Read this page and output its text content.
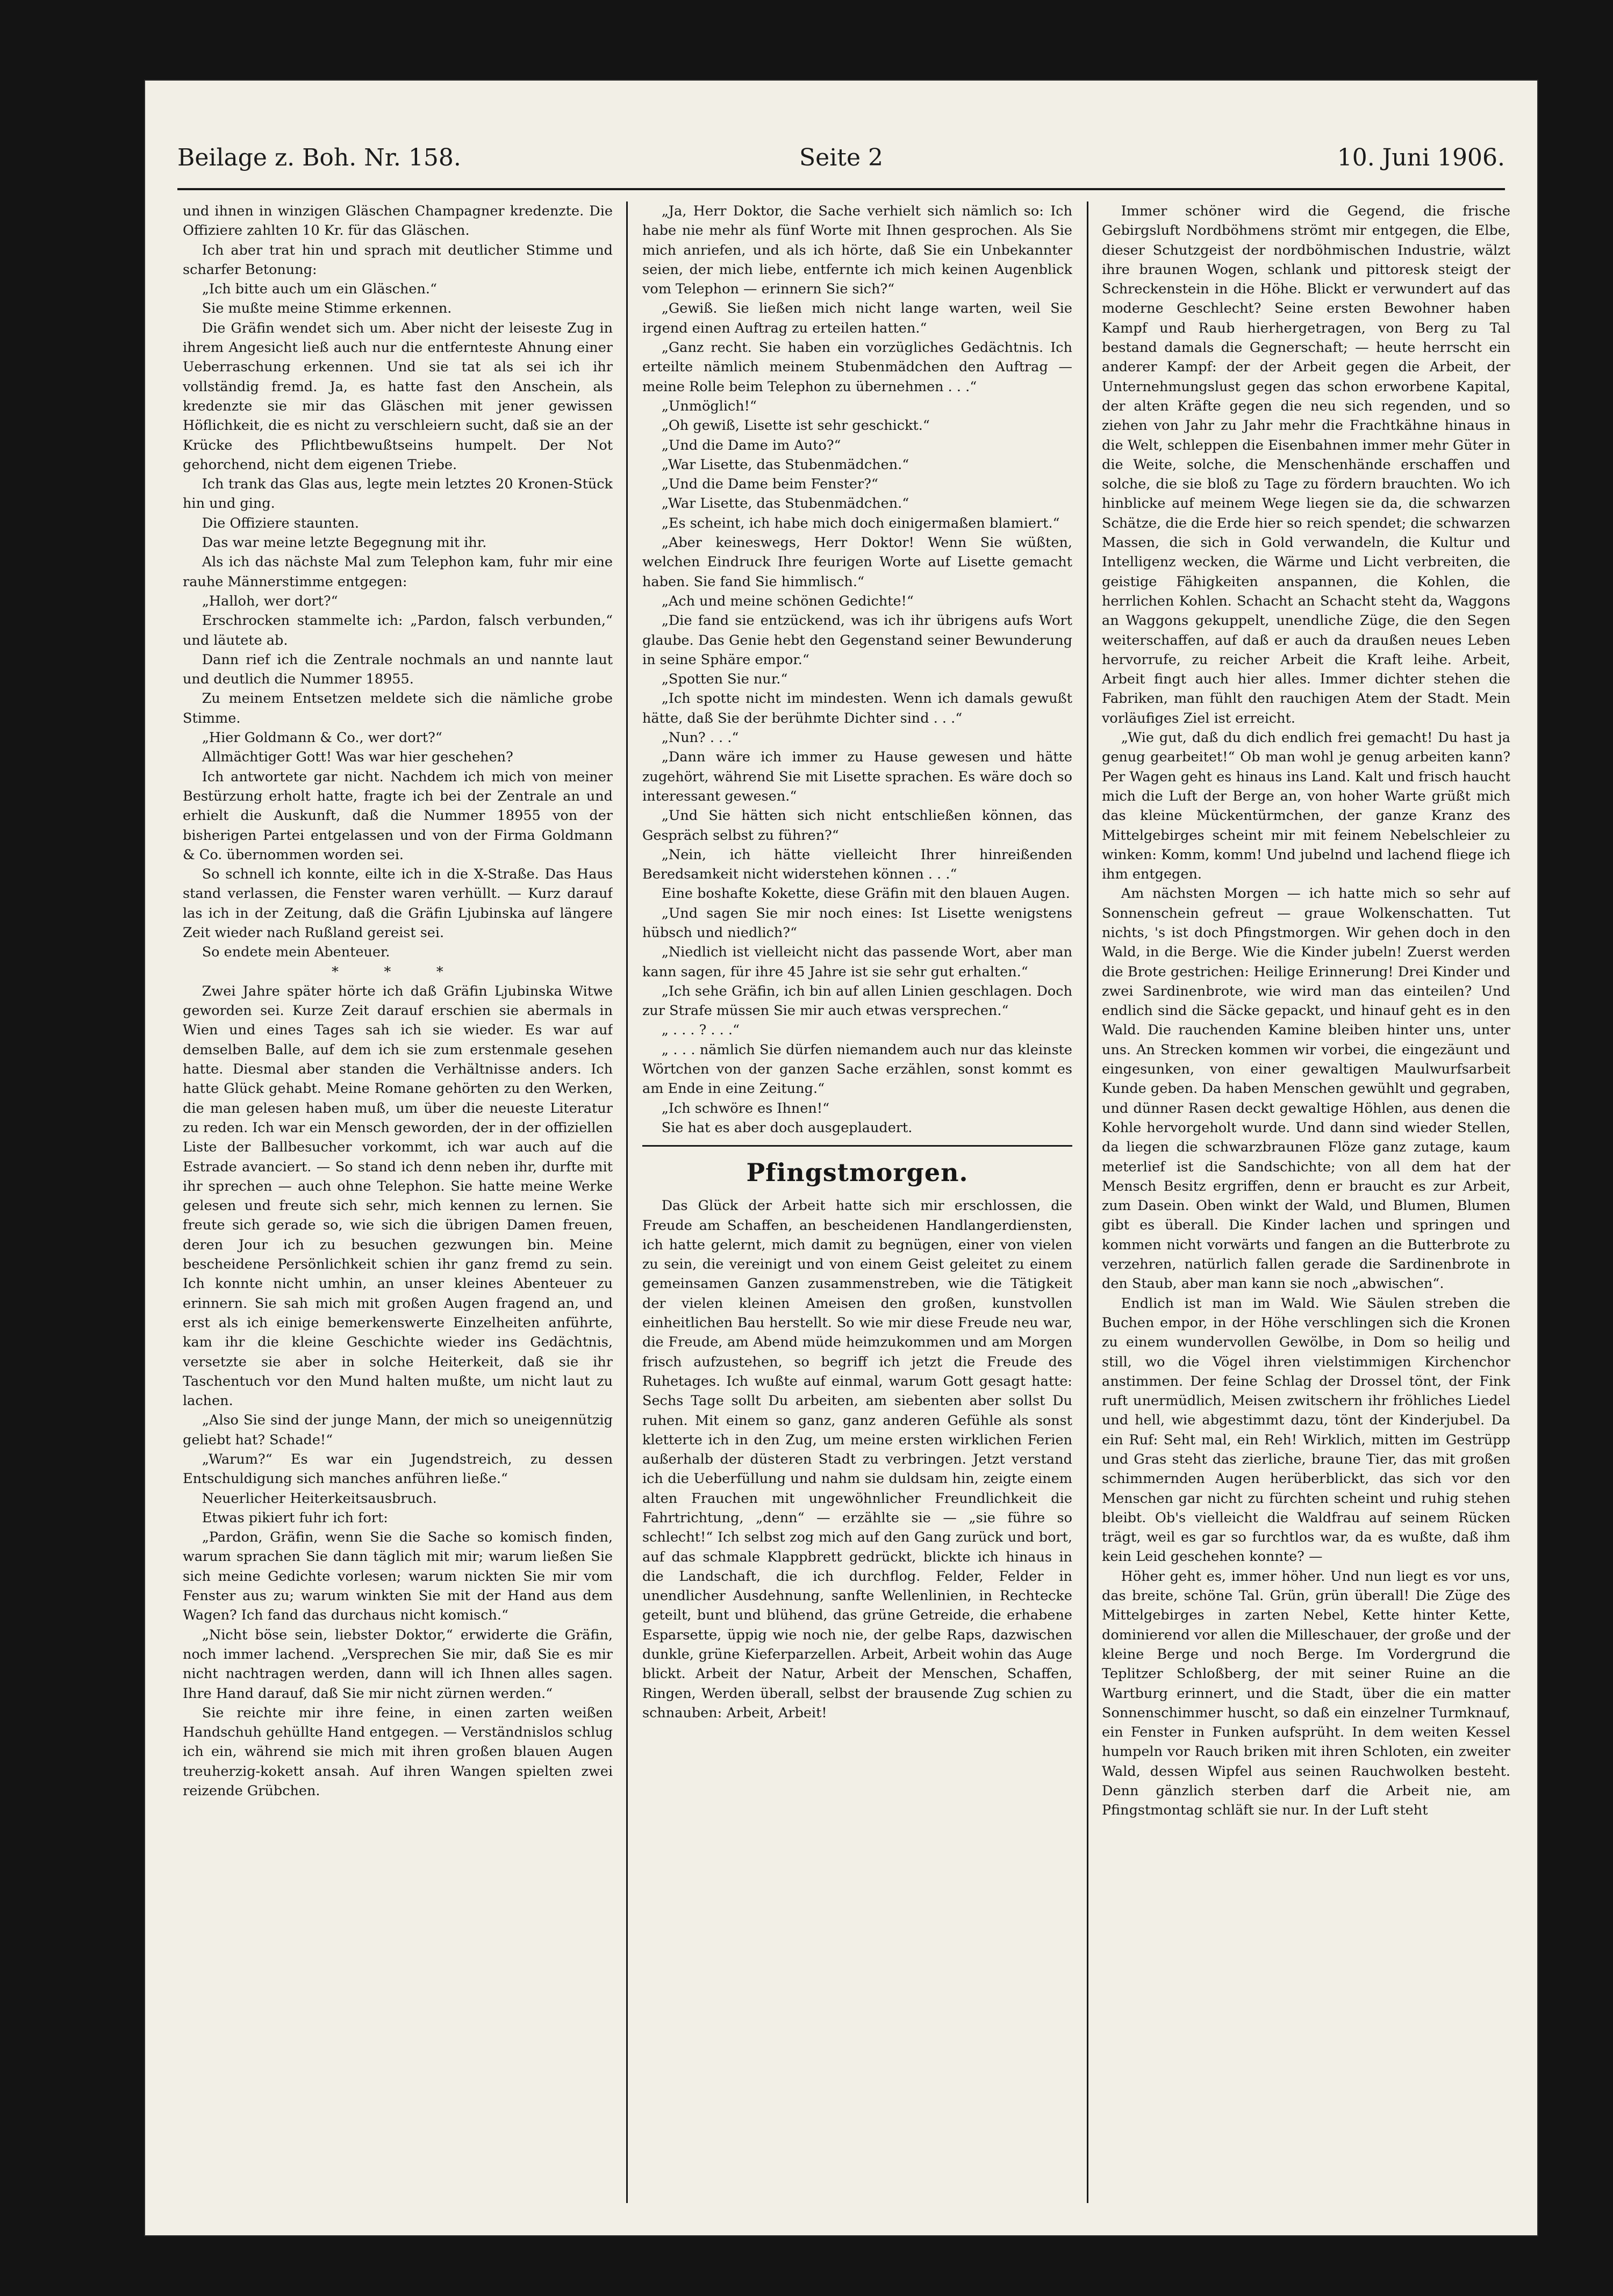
Beilage z. Boh. Nr. 158.	Seite 2	10. Juni 1906.

und ihnen in winzigen Gläschen Champagner kredenzte. Die Offiziere zahlten 10 Kr. für das Gläschen.

Ich aber trat hin und sprach mit deutlicher Stimme und scharfer Betonung:

„Ich bitte auch um ein Gläschen.“

Sie mußte meine Stimme erkennen.

Die Gräfin wendet sich um. Aber nicht der leiseste Zug in ihrem Angesicht ließ auch nur die entfernteste Ahnung einer Ueberraschung erkennen. Und sie tat als sei ich ihr vollständig fremd. Ja, es hatte fast den Anschein, als kredenzte sie mir das Gläschen mit jener gewissen Höflichkeit, die es nicht zu verschleiern sucht, daß sie an der Krücke des Pflichtbewußtseins humpelt. Der Not gehorchend, nicht dem eigenen Triebe.

Ich trank das Glas aus, legte mein letztes 20 Kronen-Stück hin und ging.

Die Offiziere staunten.

Das war meine letzte Begegnung mit ihr.

Als ich das nächste Mal zum Telephon kam, fuhr mir eine rauhe Männerstimme entgegen:

„Halloh, wer dort?“

Erschrocken stammelte ich: „Pardon, falsch verbunden,“ und läutete ab.

Dann rief ich die Zentrale nochmals an und nannte laut und deutlich die Nummer 18955.

Zu meinem Entsetzen meldete sich die nämliche grobe Stimme.

„Hier Goldmann & Co., wer dort?“

Allmächtiger Gott! Was war hier geschehen?

Ich antwortete gar nicht. Nachdem ich mich von meiner Bestürzung erholt hatte, fragte ich bei der Zentrale an und erhielt die Auskunft, daß die Nummer 18955 von der bisherigen Partei entgelassen und von der Firma Goldmann & Co. übernommen worden sei.

So schnell ich konnte, eilte ich in die X-Straße. Das Haus stand verlassen, die Fenster waren verhüllt. — Kurz darauf las ich in der Zeitung, daß die Gräfin Ljubinska auf längere Zeit wieder nach Rußland gereist sei.

So endete mein Abenteuer.

* * *

Zwei Jahre später hörte ich daß Gräfin Ljubinska Witwe geworden sei. Kurze Zeit darauf erschien sie abermals in Wien und eines Tages sah ich sie wieder. Es war auf demselben Balle, auf dem ich sie zum erstenmale gesehen hatte. Diesmal aber standen die Verhältnisse anders. Ich hatte Glück gehabt. Meine Romane gehörten zu den Werken, die man gelesen haben muß, um über die neueste Literatur zu reden. Ich war ein Mensch geworden, der in der offiziellen Liste der Ballbesucher vorkommt, ich war auch auf die Estrade avanciert. — So stand ich denn neben ihr, durfte mit ihr sprechen — auch ohne Telephon. Sie hatte meine Werke gelesen und freute sich sehr, mich kennen zu lernen. Sie freute sich gerade so, wie sich die übrigen Damen freuen, deren Jour ich zu besuchen gezwungen bin. Meine bescheidene Persönlichkeit schien ihr ganz fremd zu sein. Ich konnte nicht umhin, an unser kleines Abenteuer zu erinnern. Sie sah mich mit großen Augen fragend an, und erst als ich einige bemerkenswerte Einzelheiten anführte, kam ihr die kleine Geschichte wieder ins Gedächtnis, versetzte sie aber in solche Heiterkeit, daß sie ihr Taschentuch vor den Mund halten mußte, um nicht laut zu lachen.

„Also Sie sind der junge Mann, der mich so uneigennützig geliebt hat? Schade!“

„Warum?“ Es war ein Jugendstreich, zu dessen Entschuldigung sich manches anführen ließe.“

Neuerlicher Heiterkeitsausbruch.

Etwas pikiert fuhr ich fort:

„Pardon, Gräfin, wenn Sie die Sache so komisch finden, warum sprachen Sie dann täglich mit mir; warum ließen Sie sich meine Gedichte vorlesen; warum nickten Sie mir vom Fenster aus zu; warum winkten Sie mit der Hand aus dem Wagen? Ich fand das durchaus nicht komisch.“

„Nicht böse sein, liebster Doktor,“ erwiderte die Gräfin, noch immer lachend. „Versprechen Sie mir, daß Sie es mir nicht nachtragen werden, dann will ich Ihnen alles sagen. Ihre Hand darauf, daß Sie mir nicht zürnen werden.“

Sie reichte mir ihre feine, in einen zarten weißen Handschuh gehüllte Hand entgegen. — Verständnislos schlug ich ein, während sie mich mit ihren großen blauen Augen treuherzig-kokett ansah. Auf ihren Wangen spielten zwei reizende Grübchen.

„Ja, Herr Doktor, die Sache verhielt sich nämlich so: Ich habe nie mehr als fünf Worte mit Ihnen gesprochen. Als Sie mich anriefen, und als ich hörte, daß Sie ein Unbekannter seien, der mich liebe, entfernte ich mich keinen Augenblick vom Telephon — erinnern Sie sich?“

„Gewiß. Sie ließen mich nicht lange warten, weil Sie irgend einen Auftrag zu erteilen hatten.“

„Ganz recht. Sie haben ein vorzügliches Gedächtnis. Ich erteilte nämlich meinem Stubenmädchen den Auftrag — meine Rolle beim Telephon zu übernehmen . . .“

„Unmöglich!“

„Oh gewiß, Lisette ist sehr geschickt.“

„Und die Dame im Auto?“

„War Lisette, das Stubenmädchen.“

„Und die Dame beim Fenster?“

„War Lisette, das Stubenmädchen.“

„Es scheint, ich habe mich doch einigermaßen blamiert.“

„Aber keineswegs, Herr Doktor! Wenn Sie wüßten, welchen Eindruck Ihre feurigen Worte auf Lisette gemacht haben. Sie fand Sie himmlisch.“

„Ach und meine schönen Gedichte!“

„Die fand sie entzückend, was ich ihr übrigens aufs Wort glaube. Das Genie hebt den Gegenstand seiner Bewunderung in seine Sphäre empor.“

„Spotten Sie nur.“

„Ich spotte nicht im mindesten. Wenn ich damals gewußt hätte, daß Sie der berühmte Dichter sind . . .“

„Nun? . . .“

„Dann wäre ich immer zu Hause gewesen und hätte zugehört, während Sie mit Lisette sprachen. Es wäre doch so interessant gewesen.“

„Und Sie hätten sich nicht entschließen können, das Gespräch selbst zu führen?“

„Nein, ich hätte vielleicht Ihrer hinreißenden Beredsamkeit nicht widerstehen können . . .“

Eine boshafte Kokette, diese Gräfin mit den blauen Augen.

„Und sagen Sie mir noch eines: Ist Lisette wenigstens hübsch und niedlich?“

„Niedlich ist vielleicht nicht das passende Wort, aber man kann sagen, für ihre 45 Jahre ist sie sehr gut erhalten.“

„Ich sehe Gräfin, ich bin auf allen Linien geschlagen. Doch zur Strafe müssen Sie mir auch etwas versprechen.“

„ . . . ? . . .“

„ . . . nämlich Sie dürfen niemandem auch nur das kleinste Wörtchen von der ganzen Sache erzählen, sonst kommt es am Ende in eine Zeitung.“

„Ich schwöre es Ihnen!“

Sie hat es aber doch ausgeplaudert.

Pfingstmorgen.

Das Glück der Arbeit hatte sich mir erschlossen, die Freude am Schaffen, an bescheidenen Handlangerdiensten, ich hatte gelernt, mich damit zu begnügen, einer von vielen zu sein, die vereinigt und von einem Geist geleitet zu einem gemeinsamen Ganzen zusammenstreben, wie die Tätigkeit der vielen kleinen Ameisen den großen, kunstvollen einheitlichen Bau herstellt. So wie mir diese Freude neu war, die Freude, am Abend müde heimzukommen und am Morgen frisch aufzustehen, so begriff ich jetzt die Freude des Ruhetages. Ich wußte auf einmal, warum Gott gesagt hatte: Sechs Tage sollt Du arbeiten, am siebenten aber sollst Du ruhen. Mit einem so ganz, ganz anderen Gefühle als sonst kletterte ich in den Zug, um meine ersten wirklichen Ferien außerhalb der düsteren Stadt zu verbringen. Jetzt verstand ich die Ueberfüllung und nahm sie duldsam hin, zeigte einem alten Frauchen mit ungewöhnlicher Freundlichkeit die Fahrtrichtung, „denn“ — erzählte sie — „sie führe so schlecht!“ Ich selbst zog mich auf den Gang zurück und bort, auf das schmale Klappbrett gedrückt, blickte ich hinaus in die Landschaft, die ich durchflog. Felder, Felder in unendlicher Ausdehnung, sanfte Wellenlinien, in Rechtecke geteilt, bunt und blühend, das grüne Getreide, die erhabene Esparsette, üppig wie noch nie, der gelbe Raps, dazwischen dunkle, grüne Kieferparzellen. Arbeit, Arbeit wohin das Auge blickt. Arbeit der Natur, Arbeit der Menschen, Schaffen, Ringen, Werden überall, selbst der brausende Zug schien zu schnauben: Arbeit, Arbeit!

Immer schöner wird die Gegend, die frische Gebirgsluft Nordböhmens strömt mir entgegen, die Elbe, dieser Schutzgeist der nordböhmischen Industrie, wälzt ihre braunen Wogen, schlank und pittoresk steigt der Schreckenstein in die Höhe. Blickt er verwundert auf das moderne Geschlecht? Seine ersten Bewohner haben Kampf und Raub hierhergetragen, von Berg zu Tal bestand damals die Gegnerschaft; — heute herrscht ein anderer Kampf: der der Arbeit gegen die Arbeit, der Unternehmungslust gegen das schon erworbene Kapital, der alten Kräfte gegen die neu sich regenden, und so ziehen von Jahr zu Jahr mehr die Frachtkähne hinaus in die Welt, schleppen die Eisenbahnen immer mehr Güter in die Weite, solche, die Menschenhände erschaffen und solche, die sie bloß zu Tage zu fördern brauchten. Wo ich hinblicke auf meinem Wege liegen sie da, die schwarzen Schätze, die die Erde hier so reich spendet; die schwarzen Massen, die sich in Gold verwandeln, die Kultur und Intelligenz wecken, die Wärme und Licht verbreiten, die geistige Fähigkeiten anspannen, die Kohlen, die herrlichen Kohlen. Schacht an Schacht steht da, Waggons an Waggons gekuppelt, unendliche Züge, die den Segen weiterschaffen, auf daß er auch da draußen neues Leben hervorrufe, zu reicher Arbeit die Kraft leihe. Arbeit, Arbeit fingt auch hier alles. Immer dichter stehen die Fabriken, man fühlt den rauchigen Atem der Stadt. Mein vorläufiges Ziel ist erreicht.

„Wie gut, daß du dich endlich frei gemacht! Du hast ja genug gearbeitet!“ Ob man wohl je genug arbeiten kann? Per Wagen geht es hinaus ins Land. Kalt und frisch haucht mich die Luft der Berge an, von hoher Warte grüßt mich das kleine Mückentürmchen, der ganze Kranz des Mittelgebirges scheint mir mit feinem Nebelschleier zu winken: Komm, komm! Und jubelnd und lachend fliege ich ihm entgegen.

Am nächsten Morgen — ich hatte mich so sehr auf Sonnenschein gefreut — graue Wolkenschatten. Tut nichts, 's ist doch Pfingstmorgen. Wir gehen doch in den Wald, in die Berge. Wie die Kinder jubeln! Zuerst werden die Brote gestrichen: Heilige Erinnerung! Drei Kinder und zwei Sardinenbrote, wie wird man das einteilen? Und endlich sind die Säcke gepackt, und hinauf geht es in den Wald. Die rauchenden Kamine bleiben hinter uns, unter uns. An Strecken kommen wir vorbei, die eingezäunt und eingesunken, von einer gewaltigen Maulwurfsarbeit Kunde geben. Da haben Menschen gewühlt und gegraben, und dünner Rasen deckt gewaltige Höhlen, aus denen die Kohle hervorgeholt wurde. Und dann sind wieder Stellen, da liegen die schwarzbraunen Flöze ganz zutage, kaum meterlief ist die Sandschichte; von all dem hat der Mensch Besitz ergriffen, denn er braucht es zur Arbeit, zum Dasein. Oben winkt der Wald, und Blumen, Blumen gibt es überall. Die Kinder lachen und springen und kommen nicht vorwärts und fangen an die Butterbrote zu verzehren, natürlich fallen gerade die Sardinenbrote in den Staub, aber man kann sie noch „abwischen“.

Endlich ist man im Wald. Wie Säulen streben die Buchen empor, in der Höhe verschlingen sich die Kronen zu einem wundervollen Gewölbe, in Dom so heilig und still, wo die Vögel ihren vielstimmigen Kirchenchor anstimmen. Der feine Schlag der Drossel tönt, der Fink ruft unermüdlich, Meisen zwitschern ihr fröhliches Liedel und hell, wie abgestimmt dazu, tönt der Kinderjubel. Da ein Ruf: Seht mal, ein Reh! Wirklich, mitten im Gestrüpp und Gras steht das zierliche, braune Tier, das mit großen schimmernden Augen herüberblickt, das sich vor den Menschen gar nicht zu fürchten scheint und ruhig stehen bleibt. Ob's vielleicht die Waldfrau auf seinem Rücken trägt, weil es gar so furchtlos war, da es wußte, daß ihm kein Leid geschehen konnte? —

Höher geht es, immer höher. Und nun liegt es vor uns, das breite, schöne Tal. Grün, grün überall! Die Züge des Mittelgebirges in zarten Nebel, Kette hinter Kette, dominierend vor allen die Milleschauer, der große und der kleine Berge und noch Berge. Im Vordergrund die Teplitzer Schloßberg, der mit seiner Ruine an die Wartburg erinnert, und die Stadt, über die ein matter Sonnenschimmer huscht, so daß ein einzelner Turmknauf, ein Fenster in Funken aufsprüht. In dem weiten Kessel humpeln vor Rauch briken mit ihren Schloten, ein zweiter Wald, dessen Wipfel aus seinen Rauchwolken besteht. Denn gänzlich sterben darf die Arbeit nie, am Pfingstmontag schläft sie nur. In der Luft steht
